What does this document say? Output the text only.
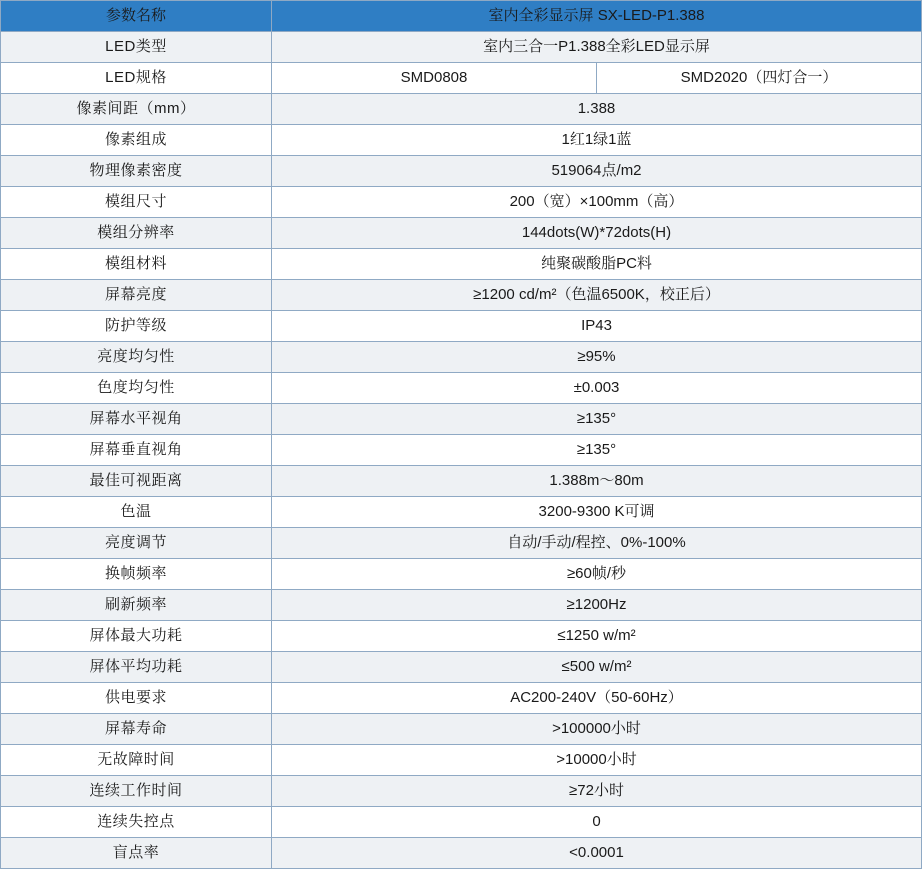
参数名称	室内全彩显示屏 SX-LED-P1.388	
LED类型	室内三合一P1.388全彩LED显示屏	
LED规格	SMD0808	SMD2020（四灯合一）
像素间距（mm）	1.388	
像素组成	1红1绿1蓝	
物理像素密度	519064点/m2	
模组尺寸	200（宽）×100mm（高）	
模组分辨率	144dots(W)*72dots(H)	
模组材料	纯聚碳酸脂PC料	
屏幕亮度	≥1200 cd/m²（色温6500K，校正后）	
防护等级	IP43	
亮度均匀性	≥95%	
色度均匀性	±0.003	
屏幕水平视角	≥135°	
屏幕垂直视角	≥135°	
最佳可视距离	1.388m～80m	
色温	3200-9300 K可调	
亮度调节	自动/手动/程控、0%-100%	
换帧频率	≥60帧/秒	
刷新频率	≥1200Hz	
屏体最大功耗	≤1250 w/m²	
屏体平均功耗	≤500 w/m²	
供电要求	AC200-240V（50-60Hz）	
屏幕寿命	>100000小时	
无故障时间	>10000小时	
连续工作时间	≥72小时	
连续失控点	0	
盲点率	<0.0001	
